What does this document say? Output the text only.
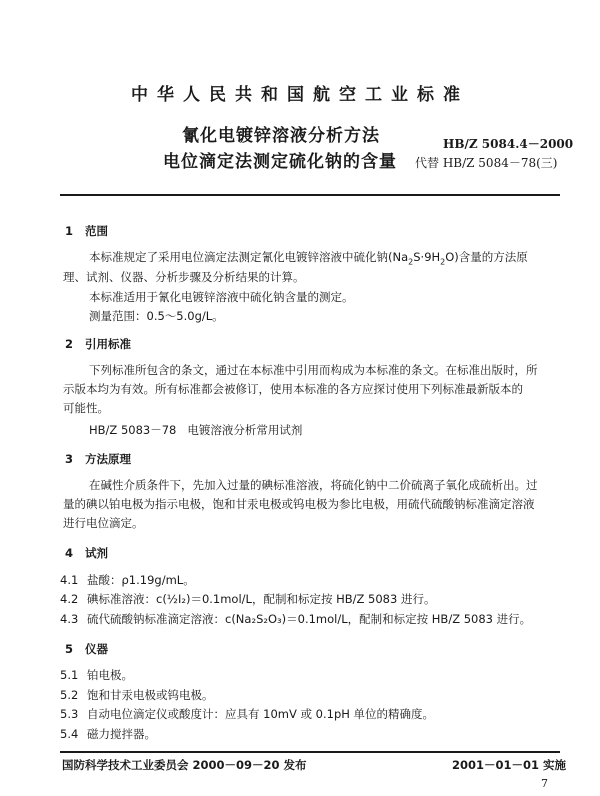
中华人民共和国航空工业标准
氰化电镀锌溶液分析方法
电位滴定法测定硫化钠的含量
HB/Z 5084.4－2000
代替 HB/Z 5084－78(三)
1 范围
本标准规定了采用电位滴定法测定氰化电镀锌溶液中硫化钠$(Na_2S\cdot 9H_2O)$含量的方法原
理、试剂、仪器、分析步骤及分析结果的计算。
本标准适用于氰化电镀锌溶液中硫化钠含量的测定。
测量范围：0.5～5.0g/L。
2 引用标准
下列标准所包含的条文，通过在本标准中引用而构成为本标准的条文。在标准出版时，所
示版本均为有效。所有标准都会被修订，使用本标准的各方应探讨使用下列标准最新版本的
可能性。
HB/Z 5083－78 电镀溶液分析常用试剂
3 方法原理
在碱性介质条件下，先加入过量的碘标准溶液，将硫化钠中二价硫离子氧化成硫析出。过
量的碘以铂电极为指示电极，饱和甘汞电极或钨电极为参比电极，用硫代硫酸钠标准滴定溶液
进行电位滴定。
4 试剂
4.1 盐酸：ρ1.19g/mL。
4.2 碘标准溶液：c(½I₂)＝0.1mol/L，配制和标定按 HB/Z 5083 进行。
4.3 硫代硫酸钠标准滴定溶液：c(Na₂S₂O₃)＝0.1mol/L，配制和标定按 HB/Z 5083 进行。
5 仪器
5.1 铂电极。
5.2 饱和甘汞电极或钨电极。
5.3 自动电位滴定仪或酸度计：应具有 10mV 或 0.1pH 单位的精确度。
5.4 磁力搅拌器。
国防科学技术工业委员会 2000－09－20 发布	2001－01－01 实施
7
